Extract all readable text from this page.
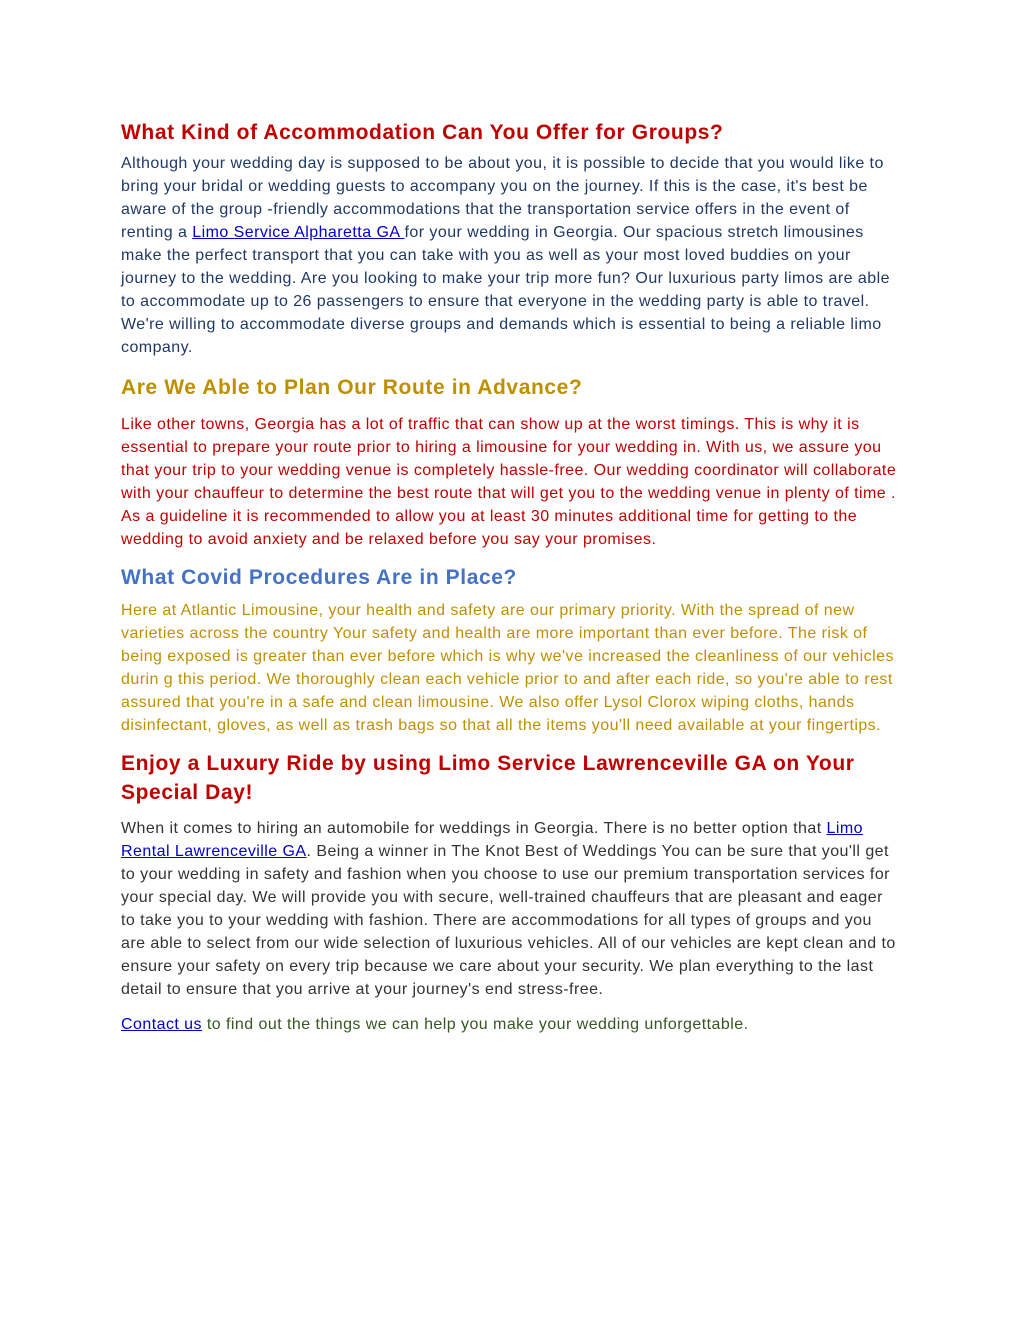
What Kind of Accommodation Can You Offer for Groups?

Although your wedding day is supposed to be about you, it is possible to decide that you would like to bring your bridal or wedding guests to accompany you on the journey. If this is the case, it's best be aware of the group -friendly accommodations that the transportation service offers in the event of renting a Limo Service Alpharetta GA for your wedding in Georgia. Our spacious stretch limousines make the perfect transport that you can take with you as well as your most loved buddies on your journey to the wedding. Are you looking to make your trip more fun? Our luxurious party limos are able to accommodate up to 26 passengers to ensure that everyone in the wedding party is able to travel. We're willing to accommodate diverse groups and demands which is essential to being a reliable limo company.

Are We Able to Plan Our Route in Advance?

Like other towns, Georgia has a lot of traffic that can show up at the worst timings. This is why it is essential to prepare your route prior to hiring a limousine for your wedding in. With us, we assure you that your trip to your wedding venue is completely hassle-free. Our wedding coordinator will collaborate with your chauffeur to determine the best route that will get you to the wedding venue in plenty of time . As a guideline it is recommended to allow you at least 30 minutes additional time for getting to the wedding to avoid anxiety and be relaxed before you say your promises.

What Covid Procedures Are in Place?

Here at Atlantic Limousine, your health and safety are our primary priority. With the spread of new varieties across the country Your safety and health are more important than ever before. The risk of being exposed is greater than ever before which is why we've increased the cleanliness of our vehicles durin g this period. We thoroughly clean each vehicle prior to and after each ride, so you're able to rest assured that you're in a safe and clean limousine. We also offer Lysol Clorox wiping cloths, hands disinfectant, gloves, as well as trash bags so that all the items you'll need available at your fingertips.

Enjoy a Luxury Ride by using Limo Service Lawrenceville GA on Your Special Day!

When it comes to hiring an automobile for weddings in Georgia. There is no better option that Limo Rental Lawrenceville GA. Being a winner in The Knot Best of Weddings You can be sure that you'll get to your wedding in safety and fashion when you choose to use our premium transportation services for your special day. We will provide you with secure, well-trained chauffeurs that are pleasant and eager to take you to your wedding with fashion. There are accommodations for all types of groups and you are able to select from our wide selection of luxurious vehicles. All of our vehicles are kept clean and to ensure your safety on every trip because we care about your security. We plan everything to the last detail to ensure that you arrive at your journey's end stress-free.

Contact us to find out the things we can help you make your wedding unforgettable.
